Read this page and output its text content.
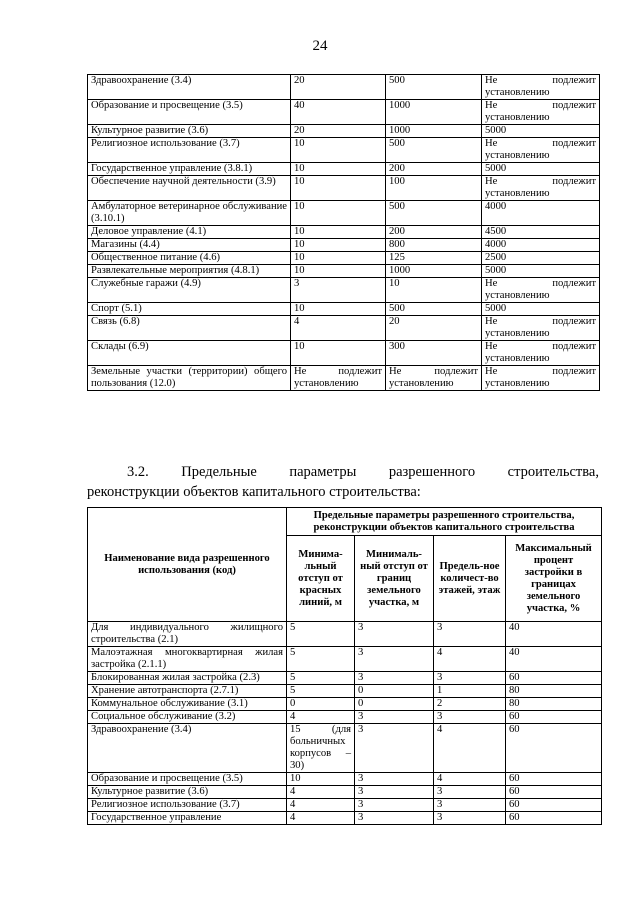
24
Здравоохранение (3.4)	20	500	Не подлежит установлению
Образование и просвещение (3.5)	40	1000	Не подлежит установлению
Культурное развитие (3.6)	20	1000	5000
Религиозное использование (3.7)	10	500	Не подлежит установлению
Государственное управление (3.8.1)	10	200	5000
Обеспечение научной деятельности (3.9)	10	100	Не подлежит установлению
Амбулаторное ветеринарное обслуживание (3.10.1)	10	500	4000
Деловое управление (4.1)	10	200	4500
Магазины (4.4)	10	800	4000
Общественное питание (4.6)	10	125	2500
Развлекательные мероприятия (4.8.1)	10	1000	5000
Служебные гаражи (4.9)	3	10	Не подлежит установлению
Спорт (5.1)	10	500	5000
Связь (6.8)	4	20	Не подлежит установлению
Склады (6.9)	10	300	Не подлежит установлению
Земельные участки (территории) общего пользования (12.0)	Не подлежит установлению	Не подлежит установлению	Не подлежит установлению
3.2. Предельные параметры разрешенного строительства,
реконструкции объектов капитального строительства:
Наименование вида разрешенного использования (код)	Предельные параметры разрешенного строительства, реконструкции объектов капитального строительства			
	Минима-льный отступ от красных линий, м	Минималь-ный отступ от границ земельного участка, м	Предель-ное количест-во этажей, этаж	Максимальный процент застройки в границах земельного участка, %
Для индивидуального жилищного строительства (2.1)	5	3	3	40
Малоэтажная многоквартирная жилая застройка (2.1.1)	5	3	4	40
Блокированная жилая застройка (2.3)	5	3	3	60
Хранение автотранспорта (2.7.1)	5	0	1	80
Коммунальное обслуживание (3.1)	0	0	2	80
Социальное обслуживание (3.2)	4	3	3	60
Здравоохранение (3.4)	15 (для больничных корпусов – 30)	3	4	60
Образование и просвещение (3.5)	10	3	4	60
Культурное развитие (3.6)	4	3	3	60
Религиозное использование (3.7)	4	3	3	60
Государственное управление	4	3	3	60
